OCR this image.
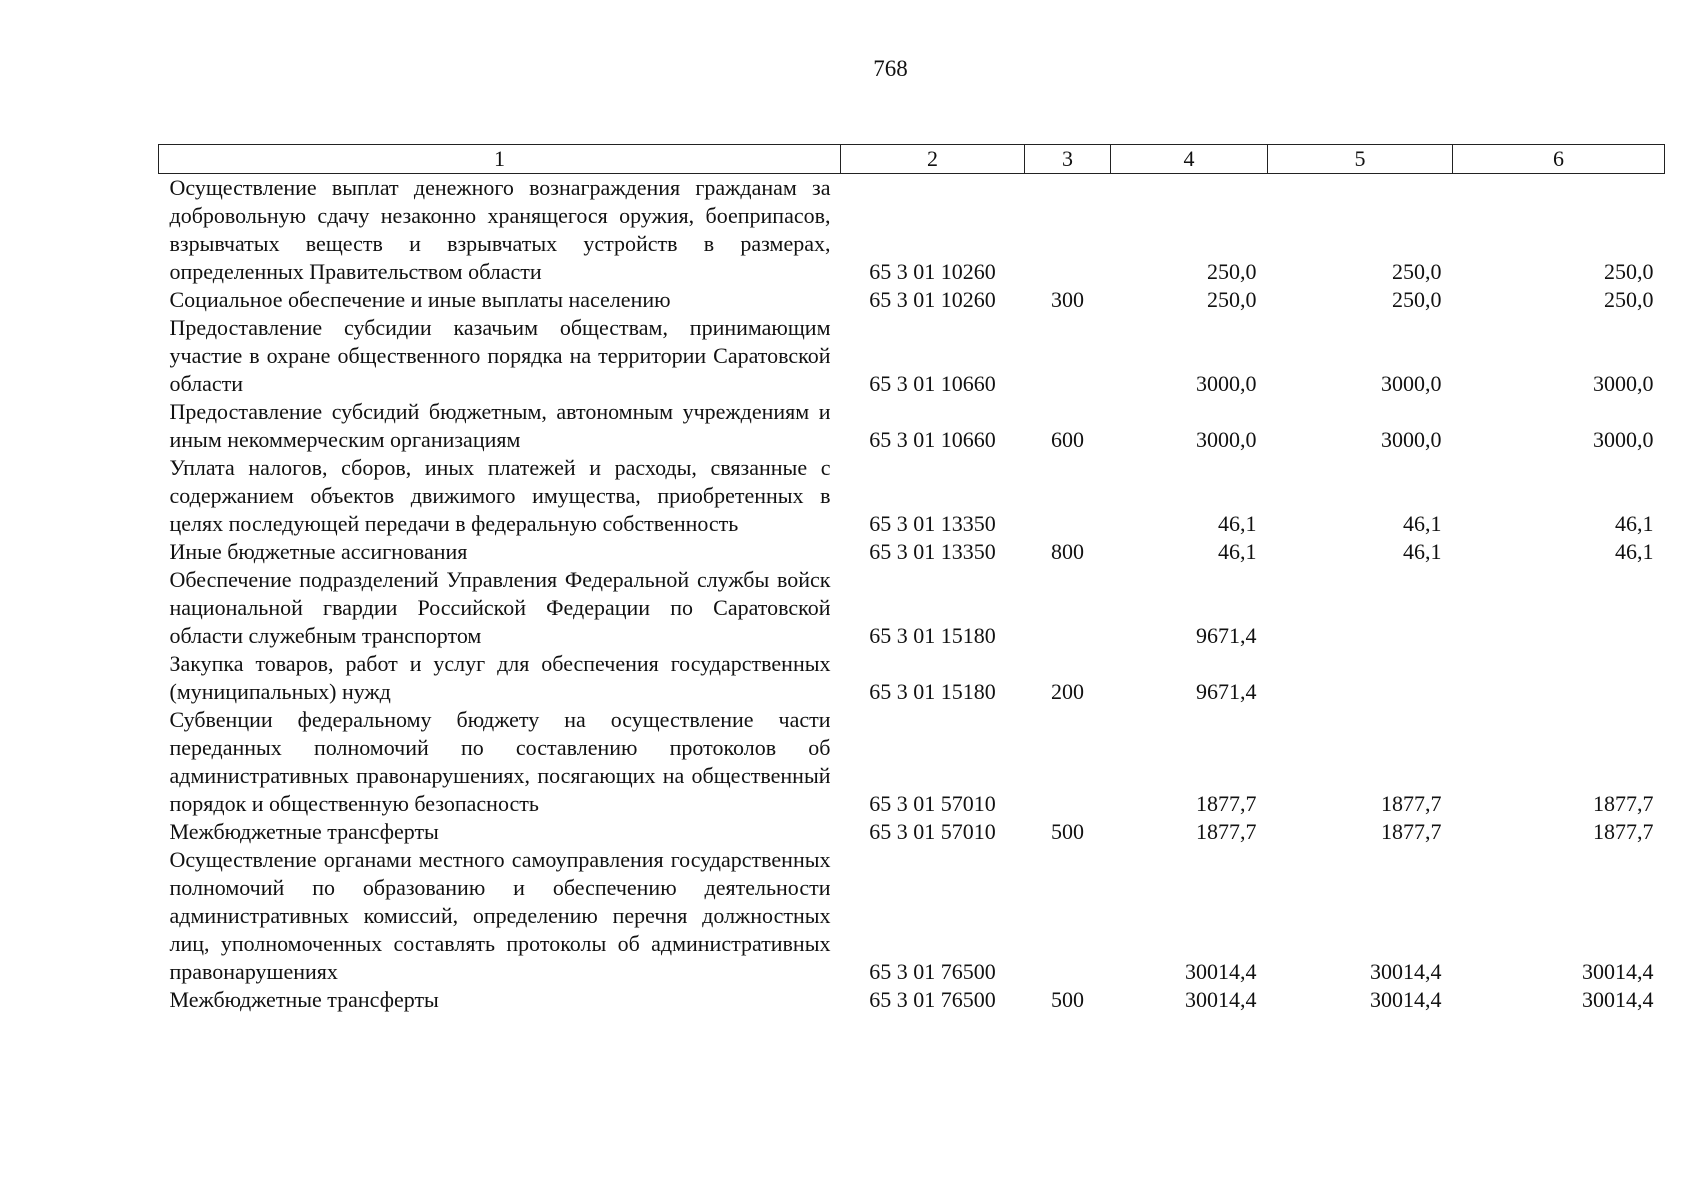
768
1	2	3	4	5	6
Осуществление выплат денежного вознаграждения гражданам за добровольную сдачу незаконно хранящегося оружия, боеприпасов, взрывчатых веществ и взрывчатых устройств в размерах, определенных Правительством области	65 3 01 10260		250,0	250,0	250,0
Социальное обеспечение и иные выплаты населению	65 3 01 10260	300	250,0	250,0	250,0
Предоставление субсидии казачьим обществам, принимающим участие в охране общественного порядка на территории Саратовской области	65 3 01 10660		3000,0	3000,0	3000,0
Предоставление субсидий бюджетным, автономным учреждениям и иным некоммерческим организациям	65 3 01 10660	600	3000,0	3000,0	3000,0
Уплата налогов, сборов, иных платежей и расходы, связанные с содержанием объектов движимого имущества, приобретенных в целях последующей передачи в федеральную собственность	65 3 01 13350		46,1	46,1	46,1
Иные бюджетные ассигнования	65 3 01 13350	800	46,1	46,1	46,1
Обеспечение подразделений Управления Федеральной службы войск национальной гвардии Российской Федерации по Саратовской области служебным транспортом	65 3 01 15180		9671,4		
Закупка товаров, работ и услуг для обеспечения государственных (муниципальных) нужд	65 3 01 15180	200	9671,4		
Субвенции федеральному бюджету на осуществление части переданных полномочий по составлению протоколов об административных правонарушениях, посягающих на общественный порядок и общественную безопасность	65 3 01 57010		1877,7	1877,7	1877,7
Межбюджетные трансферты	65 3 01 57010	500	1877,7	1877,7	1877,7
Осуществление органами местного самоуправления государственных полномочий по образованию и обеспечению деятельности административных комиссий, определению перечня должностных лиц, уполномоченных составлять протоколы об административных правонарушениях	65 3 01 76500		30014,4	30014,4	30014,4
Межбюджетные трансферты	65 3 01 76500	500	30014,4	30014,4	30014,4
